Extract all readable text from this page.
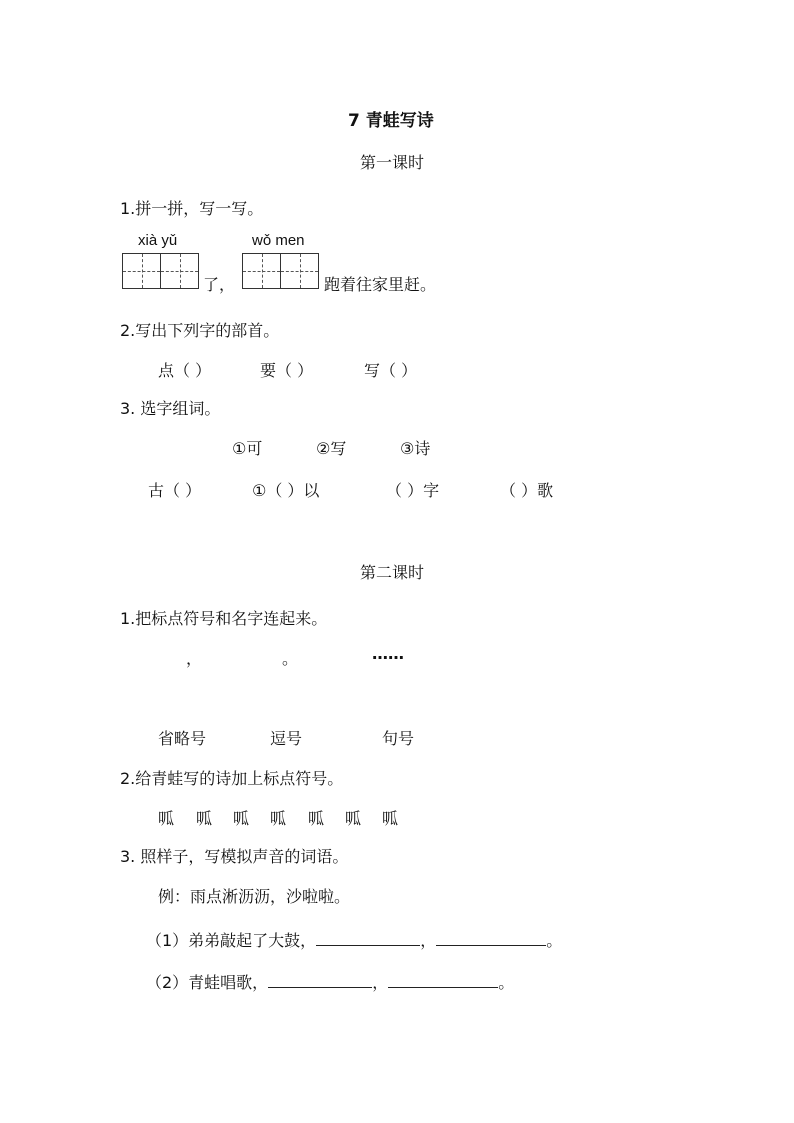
7 青蛙写诗
第一课时
1.拼一拼，写一写。
xià yǔ	wǒ men
了，	跑着往家里赶。
2.写出下列字的部首。
点（ ）	要（ ）	写（ ）
3. 选字组词。
①可	②写	③诗
古（ ）	①（ ）以	（ ）字	（ ）歌
第二课时
1.把标点符号和名字连起来。
，	。	……
省略号	逗号	句号
2.给青蛙写的诗加上标点符号。
呱 呱 呱 呱 呱 呱 呱
3. 照样子，写模拟声音的词语。
例：雨点淅沥沥，沙啦啦。
（1）弟弟敲起了大鼓，	，	。
（2）青蛙唱歌，	，	。
